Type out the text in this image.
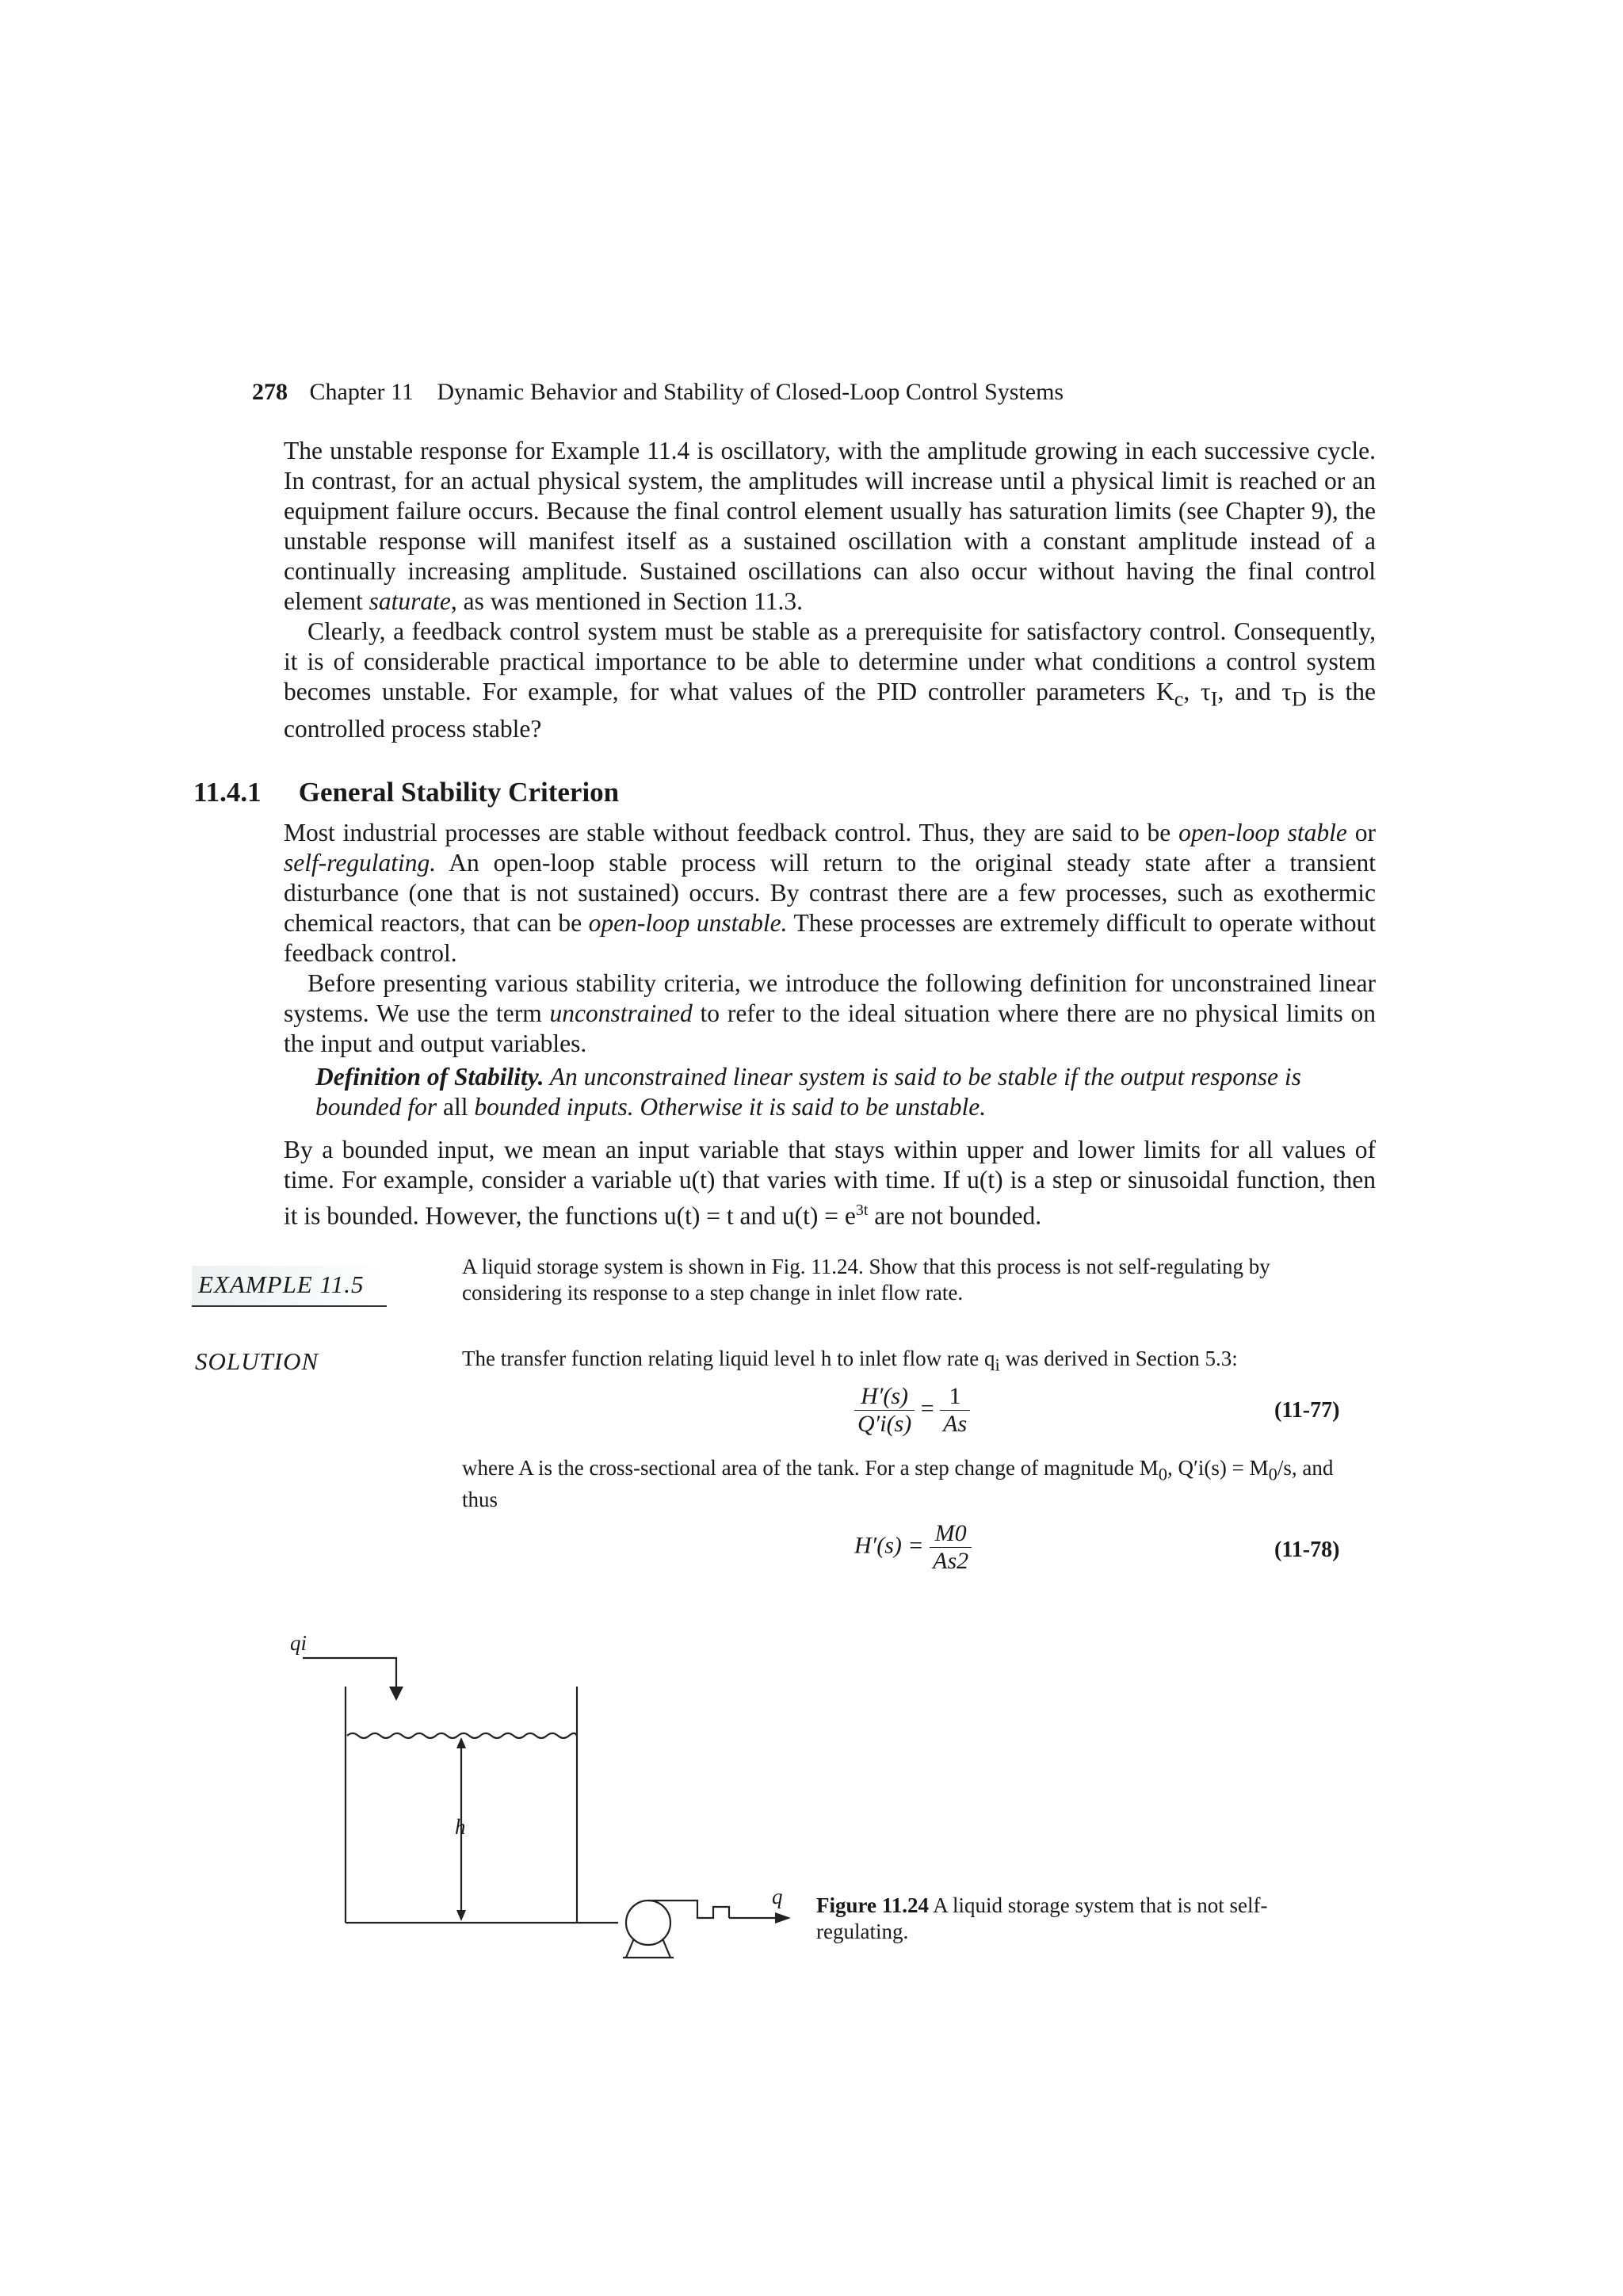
278 Chapter 11 Dynamic Behavior and Stability of Closed-Loop Control Systems

The unstable response for Example 11.4 is oscillatory, with the amplitude growing in each successive cycle. In contrast, for an actual physical system, the amplitudes will increase until a physical limit is reached or an equipment failure occurs. Because the final control element usually has saturation limits (see Chapter 9), the unstable response will manifest itself as a sustained oscillation with a constant amplitude instead of a continually increasing amplitude. Sustained oscillations can also occur without having the final control element saturate, as was mentioned in Section 11.3.

Clearly, a feedback control system must be stable as a prerequisite for satisfactory control. Consequently, it is of considerable practical importance to be able to determine under what conditions a control system becomes unstable. For example, for what values of the PID controller parameters $K_c$, $\tau_I$, and $\tau_D$ is the controlled process stable?

11.4.1 General Stability Criterion

Most industrial processes are stable without feedback control. Thus, they are said to be open-loop stable or self-regulating. An open-loop stable process will return to the original steady state after a transient disturbance (one that is not sustained) occurs. By contrast there are a few processes, such as exothermic chemical reactors, that can be open-loop unstable. These processes are extremely difficult to operate without feedback control.

Before presenting various stability criteria, we introduce the following definition for unconstrained linear systems. We use the term unconstrained to refer to the ideal situation where there are no physical limits on the input and output variables.

Definition of Stability. An unconstrained linear system is said to be stable if the output response is bounded for all bounded inputs. Otherwise it is said to be unstable.

By a bounded input, we mean an input variable that stays within upper and lower limits for all values of time. For example, consider a variable u(t) that varies with time. If u(t) is a step or sinusoidal function, then it is bounded. However, the functions u(t) = t and $u(t) = e^{3t}$ are not bounded.

EXAMPLE 11.5
A liquid storage system is shown in Fig. 11.24. Show that this process is not self-regulating by considering its response to a step change in inlet flow rate.
SOLUTION	The transfer function relating liquid level h to inlet flow rate $q_i$ was derived in Section 5.3:
$\frac{H'(s)}{Q'i(s)} = \frac{1}{As}$	(11-77)
where A is the cross-sectional area of the tank. For a step change of magnitude $M_0$, $Q'i(s) = M_0/s$, and thus
$H'(s) = \frac{M0}{As2}$	(11-78)
qi
h
q Figure 11.24 A liquid storage system that is not self-regulating.
